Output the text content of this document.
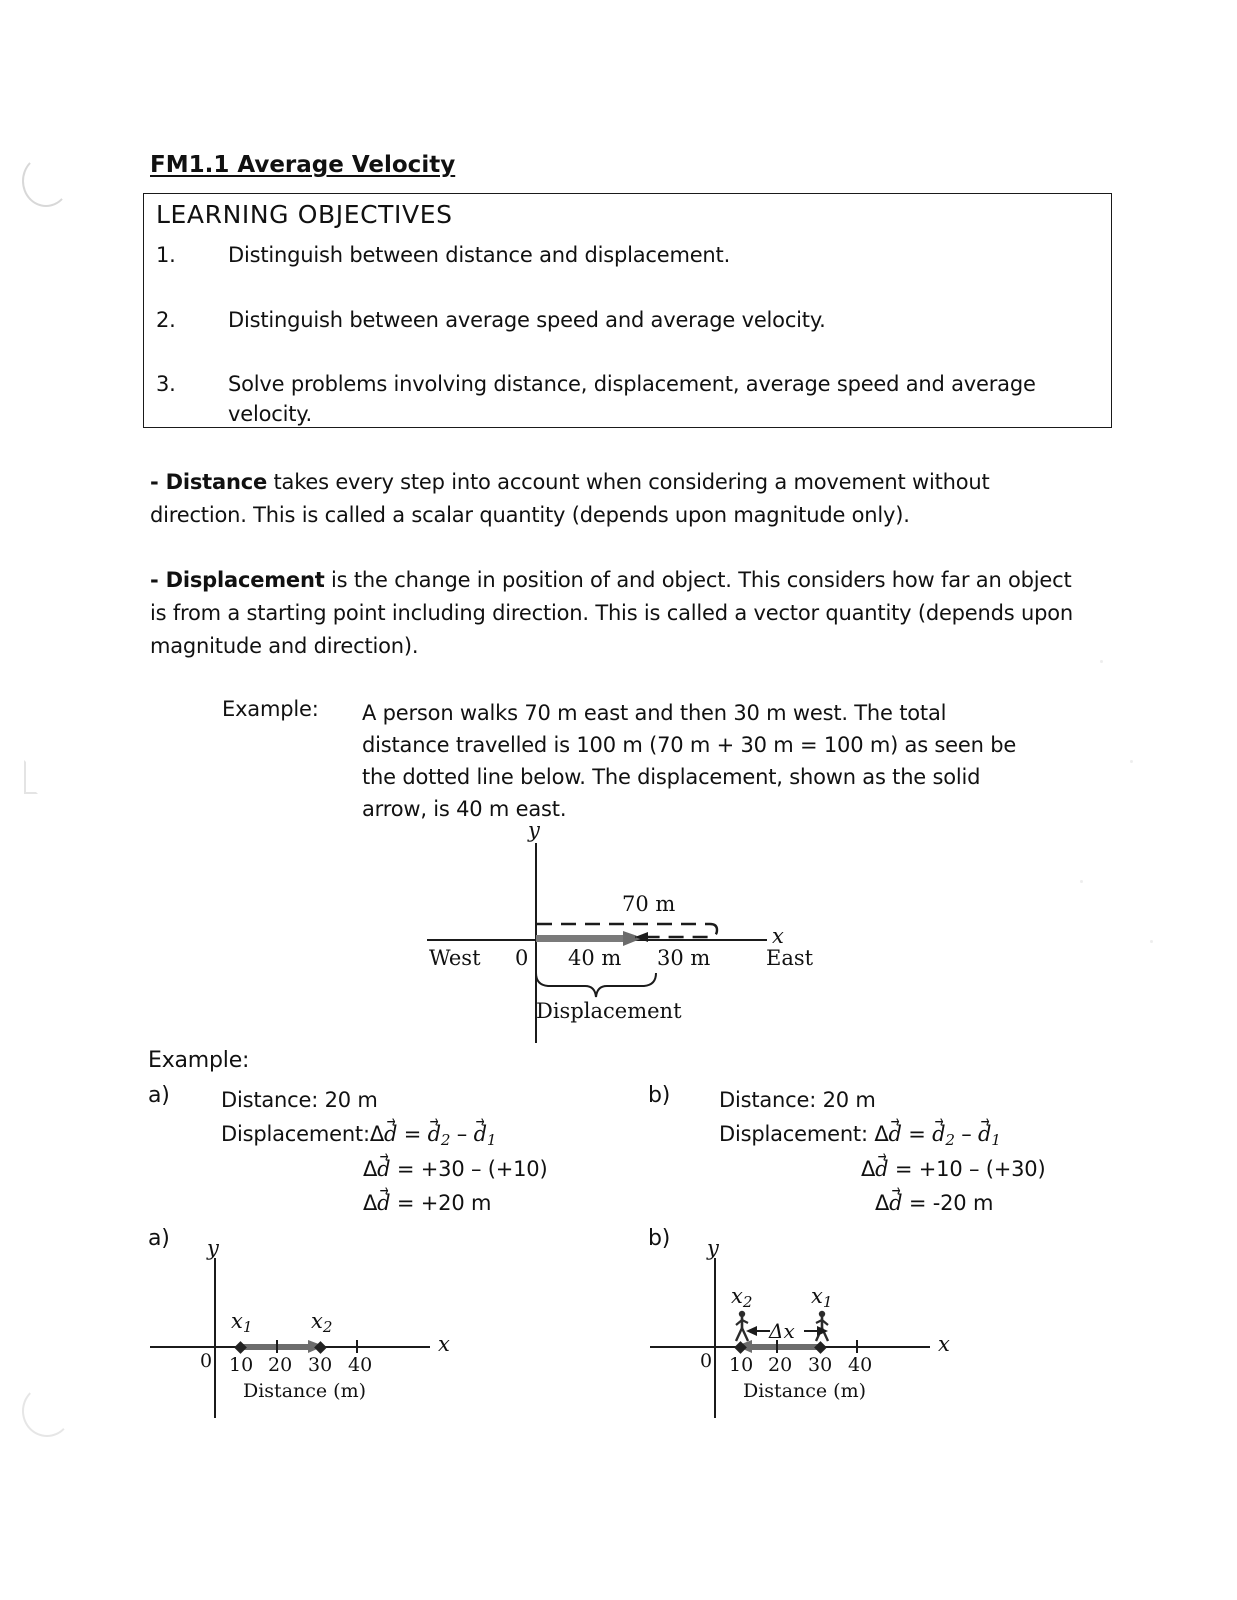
FM1.1 Average Velocity
LEARNING OBJECTIVES
1.	Distinguish between distance and displacement.
2.	Distinguish between average speed and average velocity.
3.	Solve problems involving distance, displacement, average speed and average velocity.
- Distance takes every step into account when considering a movement without direction. This is called a scalar quantity (depends upon magnitude only).
- Displacement is the change in position of and object. This considers how far an object is from a starting point including direction. This is called a vector quantity (depends upon magnitude and direction).
Example: A person walks 70 m east and then 30 m west. The total distance travelled is 100 m (70 m + 30 m = 100 m) as seen be the dotted line below. The displacement, shown as the solid arrow, is 40 m east.
y
x
70 m
West 0 40 m 30 m	East
Displacement
Example:
a) Distance: 20 m
Displacement:Δd → = $d \to_2 - d \to_1$
Δd → = +30 – (+10)
Δd → = +20 m
b) Distance: 20 m
Displacement: Δd → = $d \to_2 - d \to_1$
Δd → = +10 – (+30)
Δd → = -20 m
a) y
x
0
$x_1$	$x_2$
10 20 30 40
Distance (m)
b) y
x
0
Δx
$x_2$	$x_1$
10 20 30 40
Distance (m)
